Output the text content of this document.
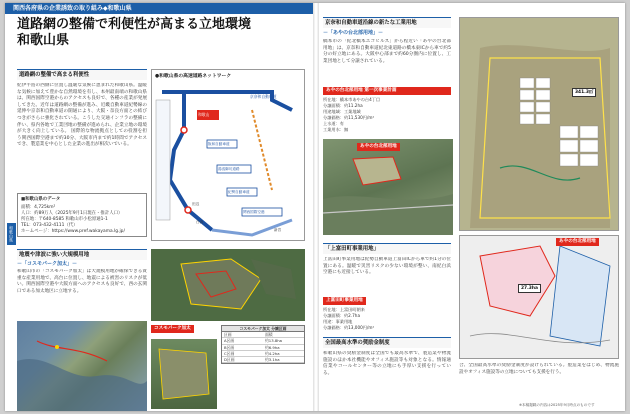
関西各府県の企業誘致の取り組み◆和歌山県
道路網の整備で利便性が高まる立地環境
和歌山県
道路網の整備で高まる利便性
紀伊半島の西側に位置し温暖な気候に恵まれた和歌山県。温暖な気候に加えて豊かな自然環境を有し、本州最南端の和歌山県は、関西国際空港からのアクセスも良好で、各種の産業が発展してきた。近年は道路網の整備が進み、近畿自動車道紀勢線の延伸や京奈和自動車道の開通により、大阪・奈良方面との結びつきがさらに強化されている。こうした交通インフラの整備に伴い、県内各地で工業団地の整備が進められ、企業立地の環境が大きく向上している。 国際的な物流拠点としての役割を担う関西国際空港まで約30分、大阪市内まで約1時間でアクセスでき、製造業を中心とした企業の進出が相次いでいる。
■和歌山県のデータ
面積：4,725km²
人口：約89万人（2025年9月1日現在・推計人口）
所在地：〒640-8585 和歌山市小松原通1-1
TEL：073-432-4111（代）
ホームページ：https://www.pref.wakayama.lg.jp/
●和歌山県の高速道路ネットワーク
京奈和自動車道
阪和自動車道
湯浅御坊道路
紀勢自動車道
関西国際空港
和歌山
田辺
白浜
新宮
和歌山県
地震や津波に強い大規模用地
－「コスモパーク加太」－
和歌山市の「コスモパーク加太」は大規模用地が確保できる貴重な産業用地で、高台に位置し、地震による被害のリスクが低い。関西国際空港や大阪方面へのアクセスも良好で、西の玄関口である加太地区に立地する。
コスモパーク加太	コスモパーク加太 分譲区画
区画	面積
A区画	約13.8ha
B区画	約6.9ha
C区画	約4.2ha
D区画	約3.1ha
京奈和自動車道沿線の新たな工業用地
－「あやの台北部用地」－
橋本市の「紀北橋本エコヒルズ」から程近い「あやの台北部用地」は、京奈和自動車道紀北東道路の橋本東ICから車で約5分の好立地にある。大阪中心部まで約60分圏内に位置し、工業団地として分譲されている。
あやの台北部用地 第一次事業計画
所在地：橋本市あやの台4丁目
分譲面積：約11.2ha
用途地域：工業地域
分譲価格：約11,530円/m²
上水道：有
工業用水：無
あやの台北部用地
「上富田町事業用地」
上富田町事業用地は紀勢自動車道上富田ICから車で約1分の位置にある。温暖で災害リスクの少ない環境が整い、南紀白浜空港にも近接している。
上富田町事業用地
所在地：上富田町朝来
分譲面積：約2.7ha
用途：事業用地
分譲価格：約13,000円/m²
全国最高水準の奨励金制度
和歌山県の奨励金制度は全国でも最高水準で、製造業や物流施設のほか本社機能やオフィス施設等も対象となる。情報通信業やコールセンター等の立地にも手厚い支援を行っている。
合、全国最高水準の奨励金制度が設けられている。製造業をはじめ、物流施設やオフィス施設等の立地についても支援を行う。
341.3㎡
27.3ha
あやの台北部用地
※本稿掲載の内容は2025年9月時点のものです
